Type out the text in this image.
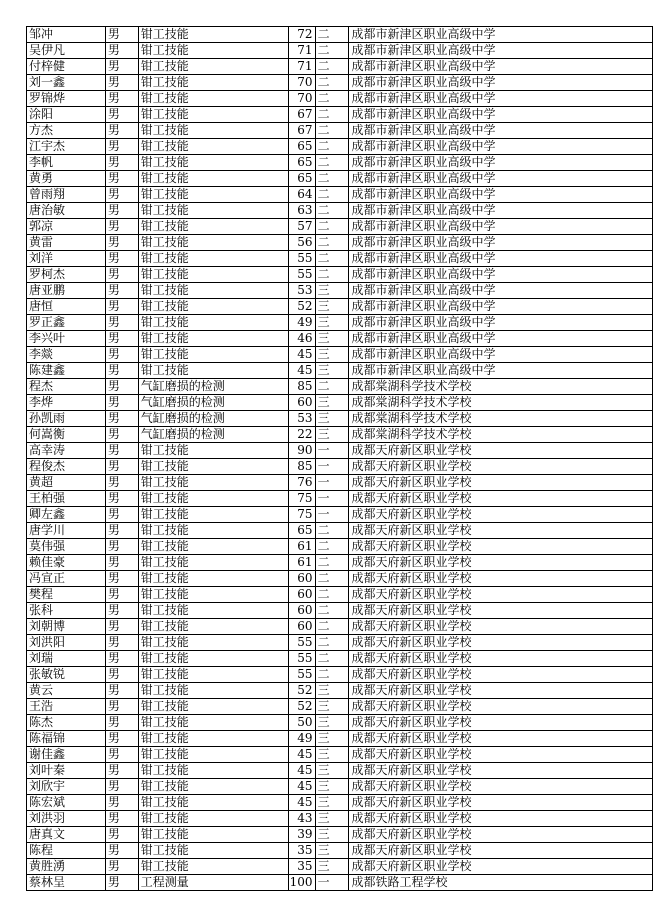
邹冲	男	钳工技能	72	二	成都市新津区职业高级中学
吴伊凡	男	钳工技能	71	二	成都市新津区职业高级中学
付梓健	男	钳工技能	71	二	成都市新津区职业高级中学
刘一鑫	男	钳工技能	70	二	成都市新津区职业高级中学
罗锦烨	男	钳工技能	70	二	成都市新津区职业高级中学
涂阳	男	钳工技能	67	二	成都市新津区职业高级中学
方杰	男	钳工技能	67	二	成都市新津区职业高级中学
江宇杰	男	钳工技能	65	二	成都市新津区职业高级中学
李帆	男	钳工技能	65	二	成都市新津区职业高级中学
黄勇	男	钳工技能	65	二	成都市新津区职业高级中学
曾雨翔	男	钳工技能	64	二	成都市新津区职业高级中学
唐治敏	男	钳工技能	63	二	成都市新津区职业高级中学
郭凉	男	钳工技能	57	二	成都市新津区职业高级中学
黄雷	男	钳工技能	56	二	成都市新津区职业高级中学
刘洋	男	钳工技能	55	二	成都市新津区职业高级中学
罗柯杰	男	钳工技能	55	二	成都市新津区职业高级中学
唐亚鹏	男	钳工技能	53	三	成都市新津区职业高级中学
唐恒	男	钳工技能	52	三	成都市新津区职业高级中学
罗正鑫	男	钳工技能	49	三	成都市新津区职业高级中学
李兴叶	男	钳工技能	46	三	成都市新津区职业高级中学
李燚	男	钳工技能	45	三	成都市新津区职业高级中学
陈建鑫	男	钳工技能	45	三	成都市新津区职业高级中学
程杰	男	气缸磨损的检测	85	二	成都棠湖科学技术学校
李烨	男	气缸磨损的检测	60	三	成都棠湖科学技术学校
孙凯雨	男	气缸磨损的检测	53	三	成都棠湖科学技术学校
何嵩衡	男	气缸磨损的检测	22	三	成都棠湖科学技术学校
高幸涛	男	钳工技能	90	一	成都天府新区职业学校
程俊杰	男	钳工技能	85	一	成都天府新区职业学校
黄超	男	钳工技能	76	一	成都天府新区职业学校
王柏强	男	钳工技能	75	一	成都天府新区职业学校
卿左鑫	男	钳工技能	75	一	成都天府新区职业学校
唐学川	男	钳工技能	65	二	成都天府新区职业学校
莫伟强	男	钳工技能	61	二	成都天府新区职业学校
赖佳豪	男	钳工技能	61	二	成都天府新区职业学校
冯宣正	男	钳工技能	60	二	成都天府新区职业学校
樊程	男	钳工技能	60	二	成都天府新区职业学校
张科	男	钳工技能	60	二	成都天府新区职业学校
刘朝博	男	钳工技能	60	二	成都天府新区职业学校
刘洪阳	男	钳工技能	55	二	成都天府新区职业学校
刘瑞	男	钳工技能	55	二	成都天府新区职业学校
张敏锐	男	钳工技能	55	二	成都天府新区职业学校
黄云	男	钳工技能	52	三	成都天府新区职业学校
王浩	男	钳工技能	52	三	成都天府新区职业学校
陈杰	男	钳工技能	50	三	成都天府新区职业学校
陈福锦	男	钳工技能	49	三	成都天府新区职业学校
谢佳鑫	男	钳工技能	45	三	成都天府新区职业学校
刘叶秦	男	钳工技能	45	三	成都天府新区职业学校
刘欣宇	男	钳工技能	45	三	成都天府新区职业学校
陈宏斌	男	钳工技能	45	三	成都天府新区职业学校
刘洪羽	男	钳工技能	43	三	成都天府新区职业学校
唐真文	男	钳工技能	39	三	成都天府新区职业学校
陈程	男	钳工技能	35	三	成都天府新区职业学校
黄胜湧	男	钳工技能	35	三	成都天府新区职业学校
蔡林呈	男	工程测量	100	一	成都铁路工程学校
